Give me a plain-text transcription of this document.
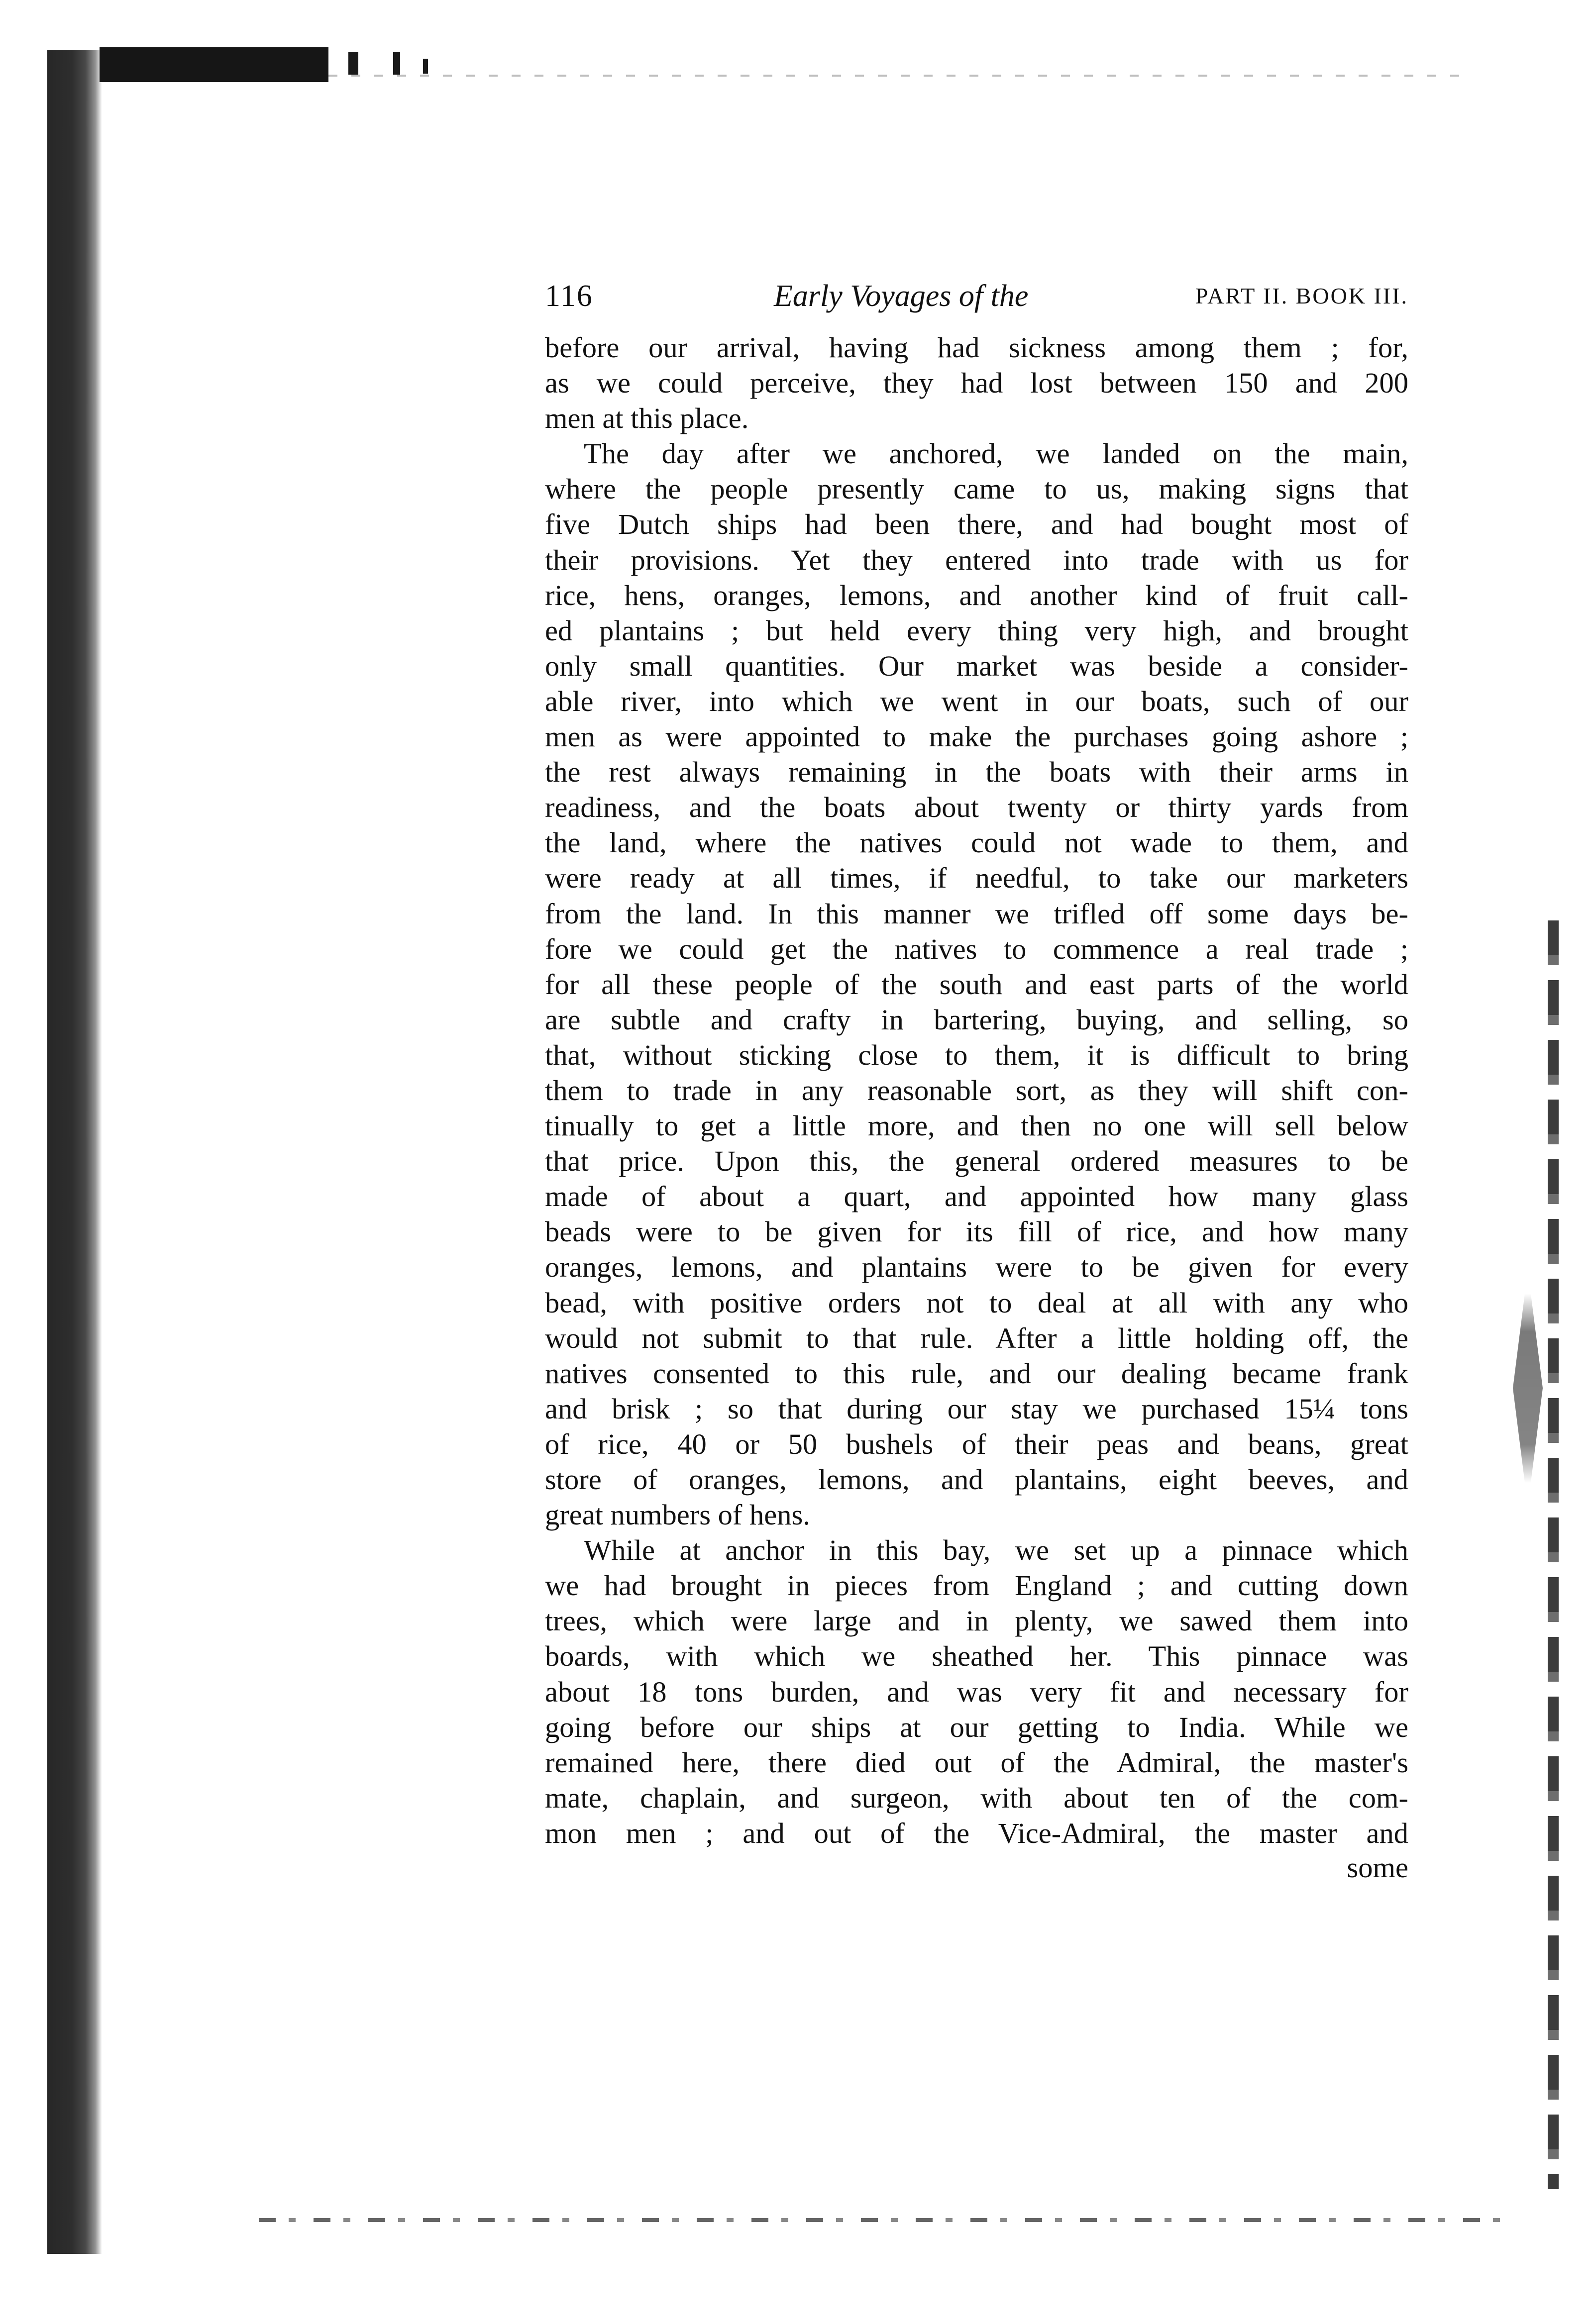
116	Early Voyages of the	PART II. BOOK III.
before our arrival, having had sickness among them ; for,
as we could perceive, they had lost between 150 and 200
men at this place.
The day after we anchored, we landed on the main,
where the people presently came to us, making signs that
five Dutch ships had been there, and had bought most of
their provisions. Yet they entered into trade with us for
rice, hens, oranges, lemons, and another kind of fruit call-
ed plantains ; but held every thing very high, and brought
only small quantities. Our market was beside a consider-
able river, into which we went in our boats, such of our
men as were appointed to make the purchases going ashore ;
the rest always remaining in the boats with their arms in
readiness, and the boats about twenty or thirty yards from
the land, where the natives could not wade to them, and
were ready at all times, if needful, to take our marketers
from the land. In this manner we trifled off some days be-
fore we could get the natives to commence a real trade ;
for all these people of the south and east parts of the world
are subtle and crafty in bartering, buying, and selling, so
that, without sticking close to them, it is difficult to bring
them to trade in any reasonable sort, as they will shift con-
tinually to get a little more, and then no one will sell below
that price. Upon this, the general ordered measures to be
made of about a quart, and appointed how many glass
beads were to be given for its fill of rice, and how many
oranges, lemons, and plantains were to be given for every
bead, with positive orders not to deal at all with any who
would not submit to that rule. After a little holding off, the
natives consented to this rule, and our dealing became frank
and brisk ; so that during our stay we purchased 15¼ tons
of rice, 40 or 50 bushels of their peas and beans, great
store of oranges, lemons, and plantains, eight beeves, and
great numbers of hens.
While at anchor in this bay, we set up a pinnace which
we had brought in pieces from England ; and cutting down
trees, which were large and in plenty, we sawed them into
boards, with which we sheathed her. This pinnace was
about 18 tons burden, and was very fit and necessary for
going before our ships at our getting to India. While we
remained here, there died out of the Admiral, the master's
mate, chaplain, and surgeon, with about ten of the com-
mon men ; and out of the Vice-Admiral, the master and
some
